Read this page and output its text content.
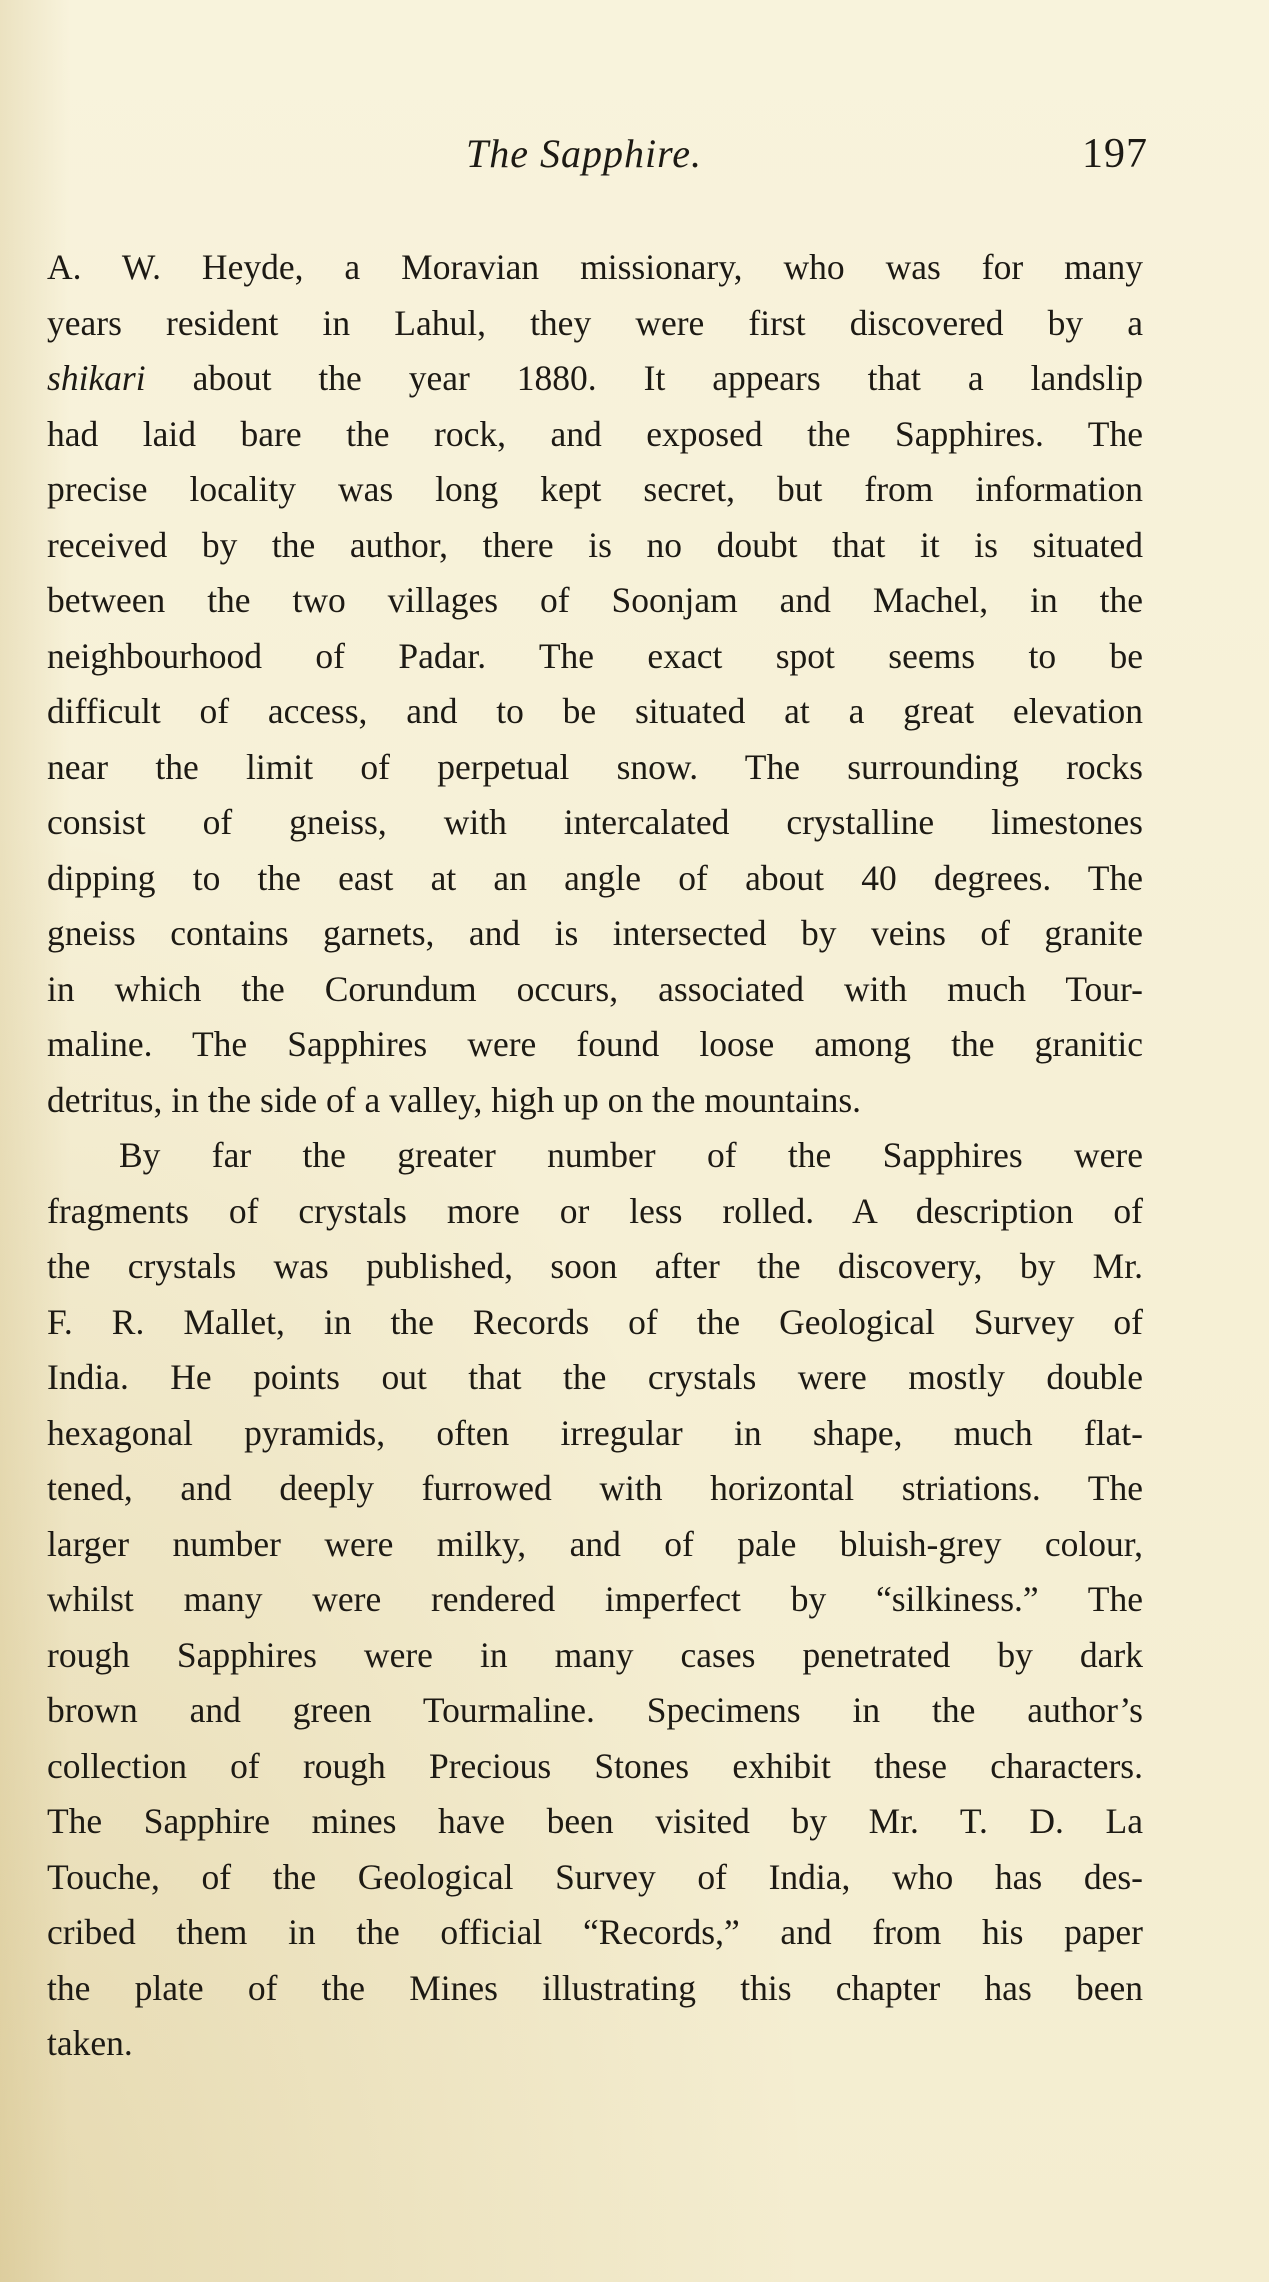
The Sapphire.	197
A. W. Heyde, a Moravian missionary, who was for many
years resident in Lahul, they were first discovered by a
shikari about the year 1880. It appears that a landslip
had laid bare the rock, and exposed the Sapphires. The
precise locality was long kept secret, but from information
received by the author, there is no doubt that it is situated
between the two villages of Soonjam and Machel, in the
neighbourhood of Padar. The exact spot seems to be
difficult of access, and to be situated at a great elevation
near the limit of perpetual snow. The surrounding rocks
consist of gneiss, with intercalated crystalline limestones
dipping to the east at an angle of about 40 degrees. The
gneiss contains garnets, and is intersected by veins of granite
in which the Corundum occurs, associated with much Tour-
maline. The Sapphires were found loose among the granitic
detritus, in the side of a valley, high up on the mountains.
By far the greater number of the Sapphires were
fragments of crystals more or less rolled. A description of
the crystals was published, soon after the discovery, by Mr.
F. R. Mallet, in the Records of the Geological Survey of
India. He points out that the crystals were mostly double
hexagonal pyramids, often irregular in shape, much flat-
tened, and deeply furrowed with horizontal striations. The
larger number were milky, and of pale bluish-grey colour,
whilst many were rendered imperfect by “silkiness.” The
rough Sapphires were in many cases penetrated by dark
brown and green Tourmaline. Specimens in the author’s
collection of rough Precious Stones exhibit these characters.
The Sapphire mines have been visited by Mr. T. D. La
Touche, of the Geological Survey of India, who has des-
cribed them in the official “Records,” and from his paper
the plate of the Mines illustrating this chapter has been
taken.
